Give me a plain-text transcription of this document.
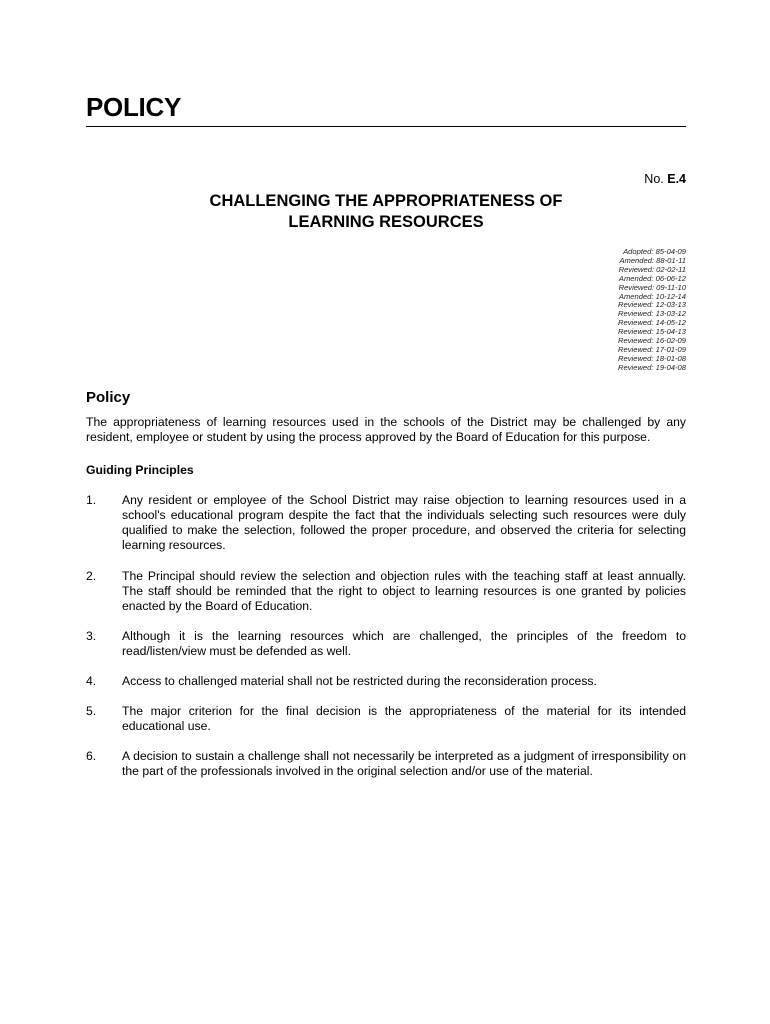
POLICY
No. E.4
CHALLENGING THE APPROPRIATENESS OF
LEARNING RESOURCES
Adopted: 85-04-09
Amended: 88-01-11
Reviewed: 02-02-11
Amended: 06-06-12
Reviewed: 09-11-10
Amended: 10-12-14
Reviewed: 12-03-13
Reviewed: 13-03-12
Reviewed: 14-05-12
Reviewed: 15-04-13
Reviewed: 16-02-09
Reviewed: 17-01-09
Reviewed: 18-01-08
Reviewed: 19-04-08
Policy
The appropriateness of learning resources used in the schools of the District may be challenged by any resident, employee or student by using the process approved by the Board of Education for this purpose.
Guiding Principles
1. Any resident or employee of the School District may raise objection to learning resources used in a school's educational program despite the fact that the individuals selecting such resources were duly qualified to make the selection, followed the proper procedure, and observed the criteria for selecting learning resources.
2. The Principal should review the selection and objection rules with the teaching staff at least annually. The staff should be reminded that the right to object to learning resources is one granted by policies enacted by the Board of Education.
3. Although it is the learning resources which are challenged, the principles of the freedom to read/listen/view must be defended as well.
4. Access to challenged material shall not be restricted during the reconsideration process.
5. The major criterion for the final decision is the appropriateness of the material for its intended educational use.
6. A decision to sustain a challenge shall not necessarily be interpreted as a judgment of irresponsibility on the part of the professionals involved in the original selection and/or use of the material.
